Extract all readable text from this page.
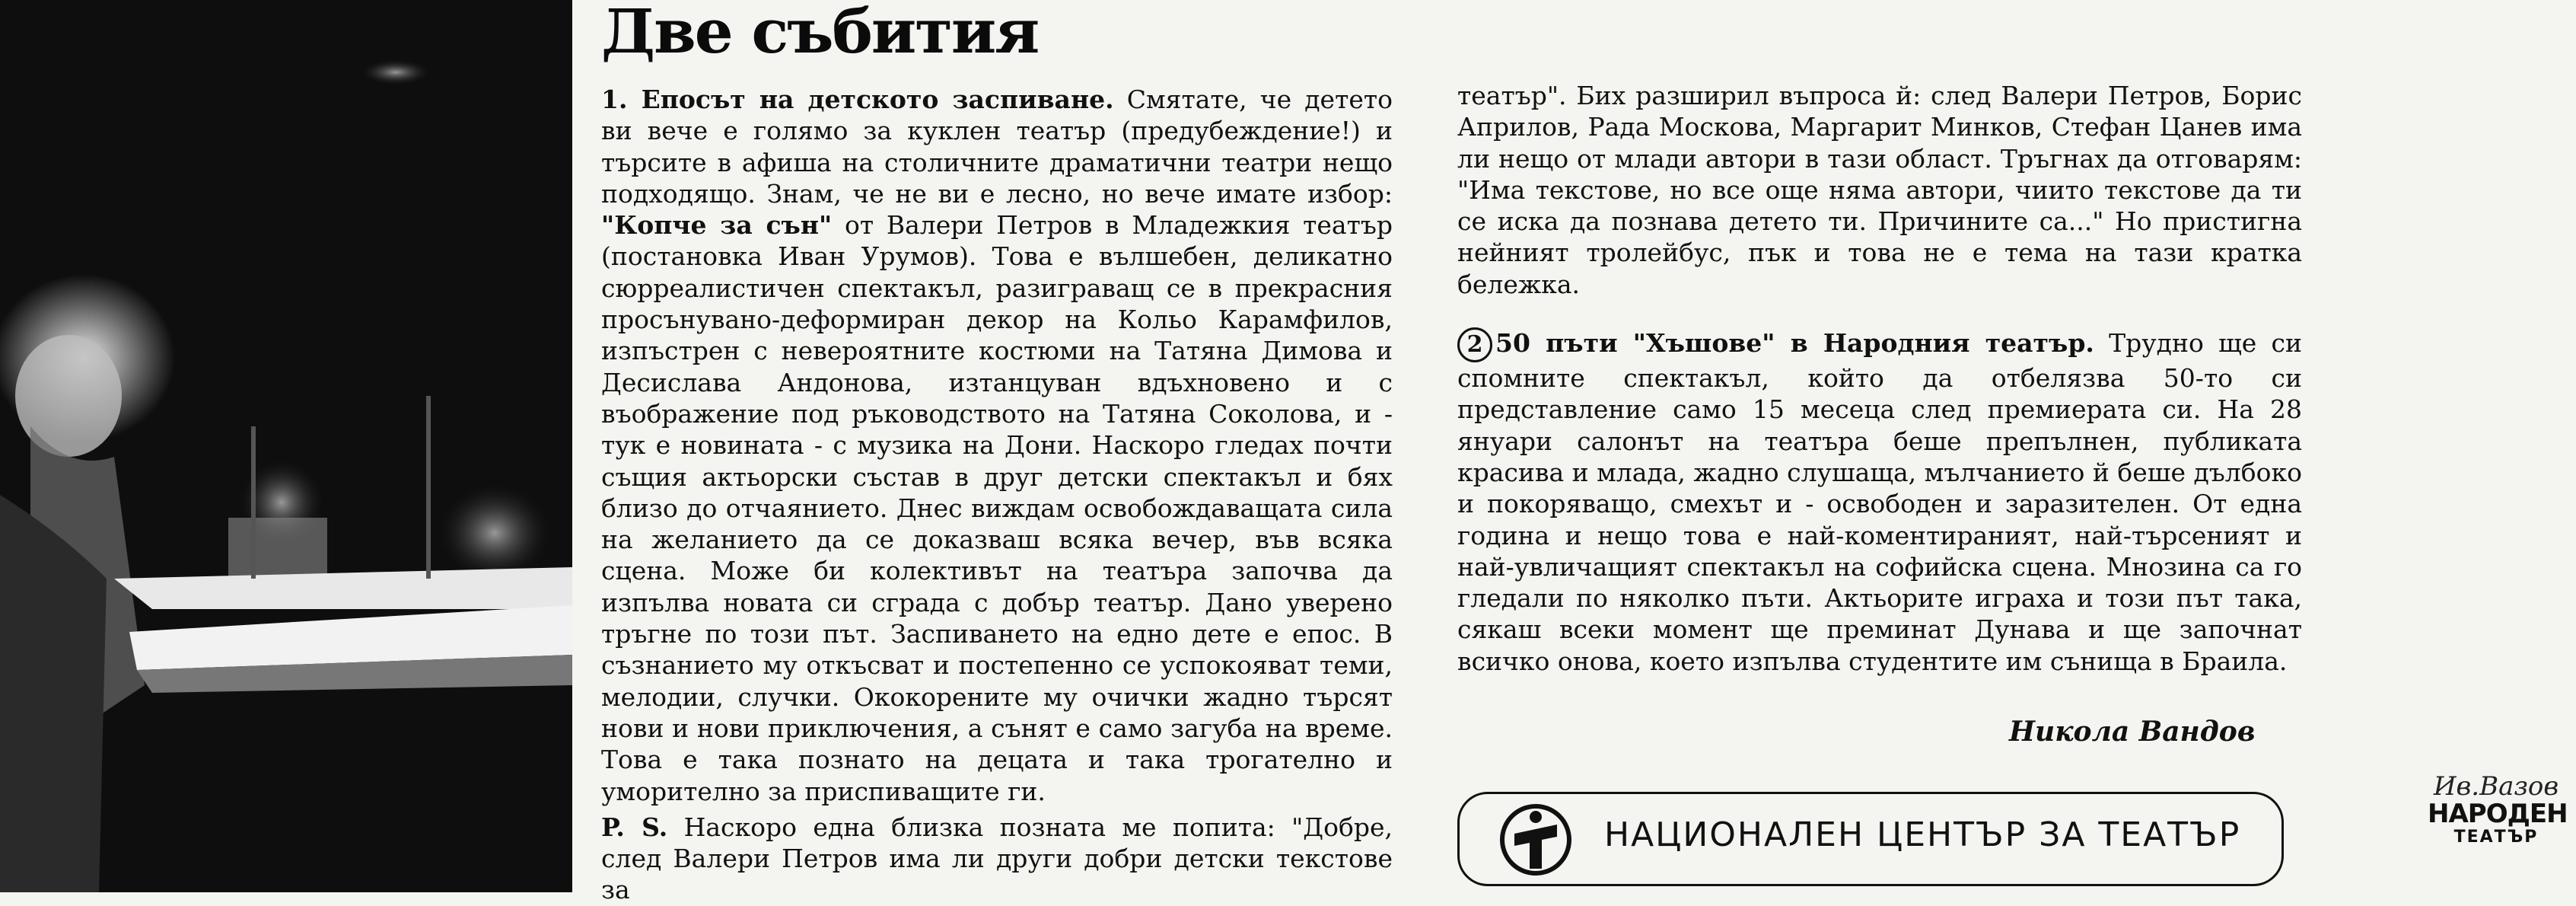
Две събития

1. Епосът на детското заспиване. Смятате, че детето ви вече е голямо за куклен театър (предубеждение!) и търсите в афиша на столичните драматични театри нещо подходящо. Знам, че не ви е лесно, но вече имате избор: "Копче за сън" от Валери Петров в Младежкия театър (постановка Иван Урумов). Това е вълшебен, деликатно сюрреалистичен спектакъл, разиграващ се в прекрасния просънувано-деформиран декор на Кольо Карамфилов, изпъстрен с невероятните костюми на Татяна Димова и Десислава Андонова, изтанцуван вдъхновено и с въображение под ръководството на Татяна Соколова, и - тук е новината - с музика на Дони. Наскоро гледах почти същия актьорски състав в друг детски спектакъл и бях близо до отчаянието. Днес виждам освобождаващата сила на желанието да се доказваш всяка вечер, във всяка сцена. Може би колективът на театъра започва да изпълва новата си сграда с добър театър. Дано уверено тръгне по този път. Заспиването на едно дете е епос. В съзнанието му откъсват и постепенно се успокояват теми, мелодии, случки. Ококорените му очички жадно търсят нови и нови приключения, а сънят е само загуба на време. Това е така познато на децата и така трогателно и уморително за приспиващите ги.

P. S. Наскоро една близка позната ме попита: "Добре, след Валери Петров има ли други добри детски текстове за

театър". Бих разширил въпроса й: след Валери Петров, Борис Априлов, Рада Москова, Маргарит Минков, Стефан Цанев има ли нещо от млади автори в тази област. Тръгнах да отговарям: "Има текстове, но все още няма автори, чиито текстове да ти се иска да познава детето ти. Причините са..." Но пристигна нейният тролейбус, пък и това не е тема на тази кратка бележка.

2 50 пъти "Хъшове" в Народния театър. Трудно ще си спомните спектакъл, който да отбелязва 50-то си представление само 15 месеца след премиерата си. На 28 януари салонът на театъра беше препълнен, публиката красива и млада, жадно слушаща, мълчанието й беше дълбоко и покоряващо, смехът и - освободен и заразителен. От една година и нещо това е най-коментираният, най-търсеният и най-увличащият спектакъл на софийска сцена. Мнозина са го гледали по няколко пъти. Актьорите играха и този път така, сякаш всеки момент ще преминат Дунава и ще започнат всичко онова, което изпълва студентите им сънища в Браила.

Никола Вандов
НАЦИОНАЛЕН ЦЕНТЪР ЗА ТЕАТЪР
Ив.Вазов
НАРОДЕН
ТЕАТЪР
